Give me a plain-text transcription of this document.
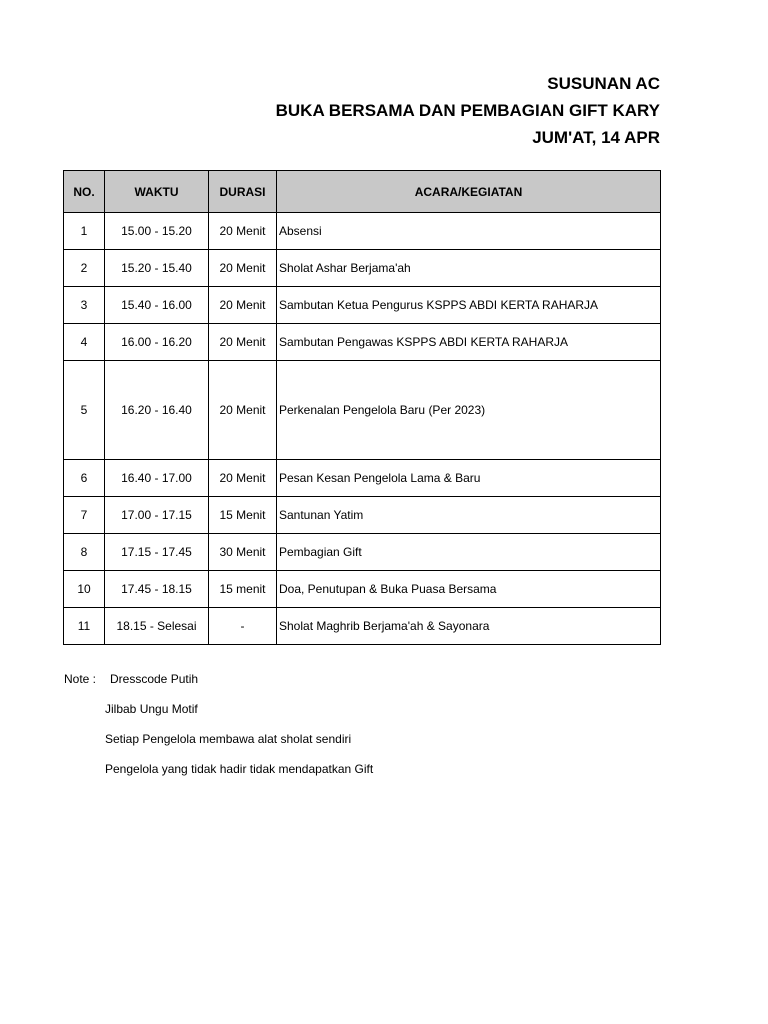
SUSUNAN AC
BUKA BERSAMA DAN PEMBAGIAN GIFT KARY
JUM'AT, 14 APR
NO.	WAKTU	DURASI	ACARA/KEGIATAN
1	15.00 - 15.20	20 Menit	Absensi
2	15.20 - 15.40	20 Menit	Sholat Ashar Berjama'ah
3	15.40 - 16.00	20 Menit	Sambutan Ketua Pengurus KSPPS ABDI KERTA RAHARJA
4	16.00 - 16.20	20 Menit	Sambutan Pengawas KSPPS ABDI KERTA RAHARJA
5	16.20 - 16.40	20 Menit	Perkenalan Pengelola Baru (Per 2023)
6	16.40 - 17.00	20 Menit	Pesan Kesan Pengelola Lama & Baru
7	17.00 - 17.15	15 Menit	Santunan Yatim
8	17.15 - 17.45	30 Menit	Pembagian Gift
10	17.45 - 18.15	15 menit	Doa, Penutupan & Buka Puasa Bersama
11	18.15 - Selesai	-	Sholat Maghrib Berjama'ah & Sayonara
Note : Dresscode Putih
Jilbab Ungu Motif
Setiap Pengelola membawa alat sholat sendiri
Pengelola yang tidak hadir tidak mendapatkan Gift
